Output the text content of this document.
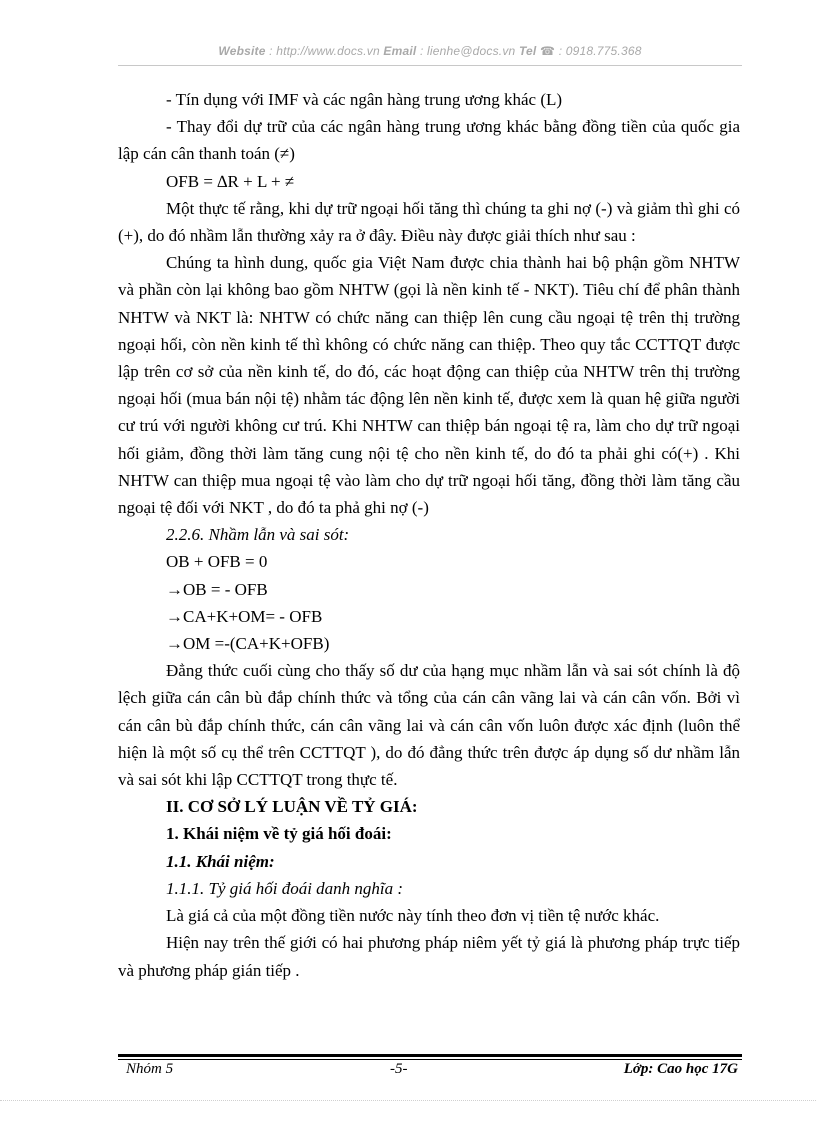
Website : http://www.docs.vn Email : lienhe@docs.vn Tel ☎ : 0918.775.368

- Tín dụng với IMF và các ngân hàng trung ương khác (L)

- Thay đổi dự trữ của các ngân hàng trung ương khác bằng đồng tiền của quốc gia lập cán cân thanh toán (≠)

OFB = ∆R + L + ≠

Một thực tế rằng, khi dự trữ ngoại hối tăng thì chúng ta ghi nợ (-) và giảm thì ghi có (+), do đó nhầm lẫn thường xảy ra ở đây. Điều này được giải thích như sau :

Chúng ta hình dung, quốc gia Việt Nam được chia thành hai bộ phận gồm NHTW và phần còn lại không bao gồm NHTW (gọi là nền kinh tế - NKT). Tiêu chí để phân thành NHTW và NKT là: NHTW có chức năng can thiệp lên cung cầu ngoại tệ trên thị trường ngoại hối, còn nền kinh tế thì không có chức năng can thiệp. Theo quy tắc CCTTQT được lập trên cơ sở của nền kinh tế, do đó, các hoạt động can thiệp của NHTW trên thị trường ngoại hối (mua bán nội tệ) nhằm tác động lên nền kinh tế, được xem là quan hệ giữa người cư trú với người không cư trú. Khi NHTW can thiệp bán ngoại tệ ra, làm cho dự trữ ngoại hối giảm, đồng thời làm tăng cung nội tệ cho nền kinh tế, do đó ta phải ghi có(+) . Khi NHTW can thiệp mua ngoại tệ vào làm cho dự trữ ngoại hối tăng, đồng thời làm tăng cầu ngoại tệ đối với NKT , do đó ta phả ghi nợ (-)

2.2.6. Nhầm lẫn và sai sót:

OB + OFB = 0

→OB = - OFB

→CA+K+OM= - OFB

→OM =-(CA+K+OFB)

Đẳng thức cuối cùng cho thấy số dư của hạng mục nhầm lẫn và sai sót chính là độ lệch giữa cán cân bù đắp chính thức và tổng của cán cân vãng lai và cán cân vốn. Bởi vì cán cân bù đắp chính thức, cán cân vãng lai và cán cân vốn luôn được xác định (luôn thể hiện là một số cụ thể trên CCTTQT ), do đó đẳng thức trên được áp dụng số dư nhầm lẫn và sai sót khi lập CCTTQT trong thực tế.

II. CƠ SỞ LÝ LUẬN VỀ TỶ GIÁ:

1. Khái niệm về tỷ giá hối đoái:

1.1. Khái niệm:

1.1.1. Tỷ giá hối đoái danh nghĩa :

Là giá cả của một đồng tiền nước này tính theo đơn vị tiền tệ nước khác.

Hiện nay trên thế giới có hai phương pháp niêm yết tỷ giá là phương pháp trực tiếp và phương pháp gián tiếp .

Nhóm 5	-5-	Lớp: Cao học 17G
